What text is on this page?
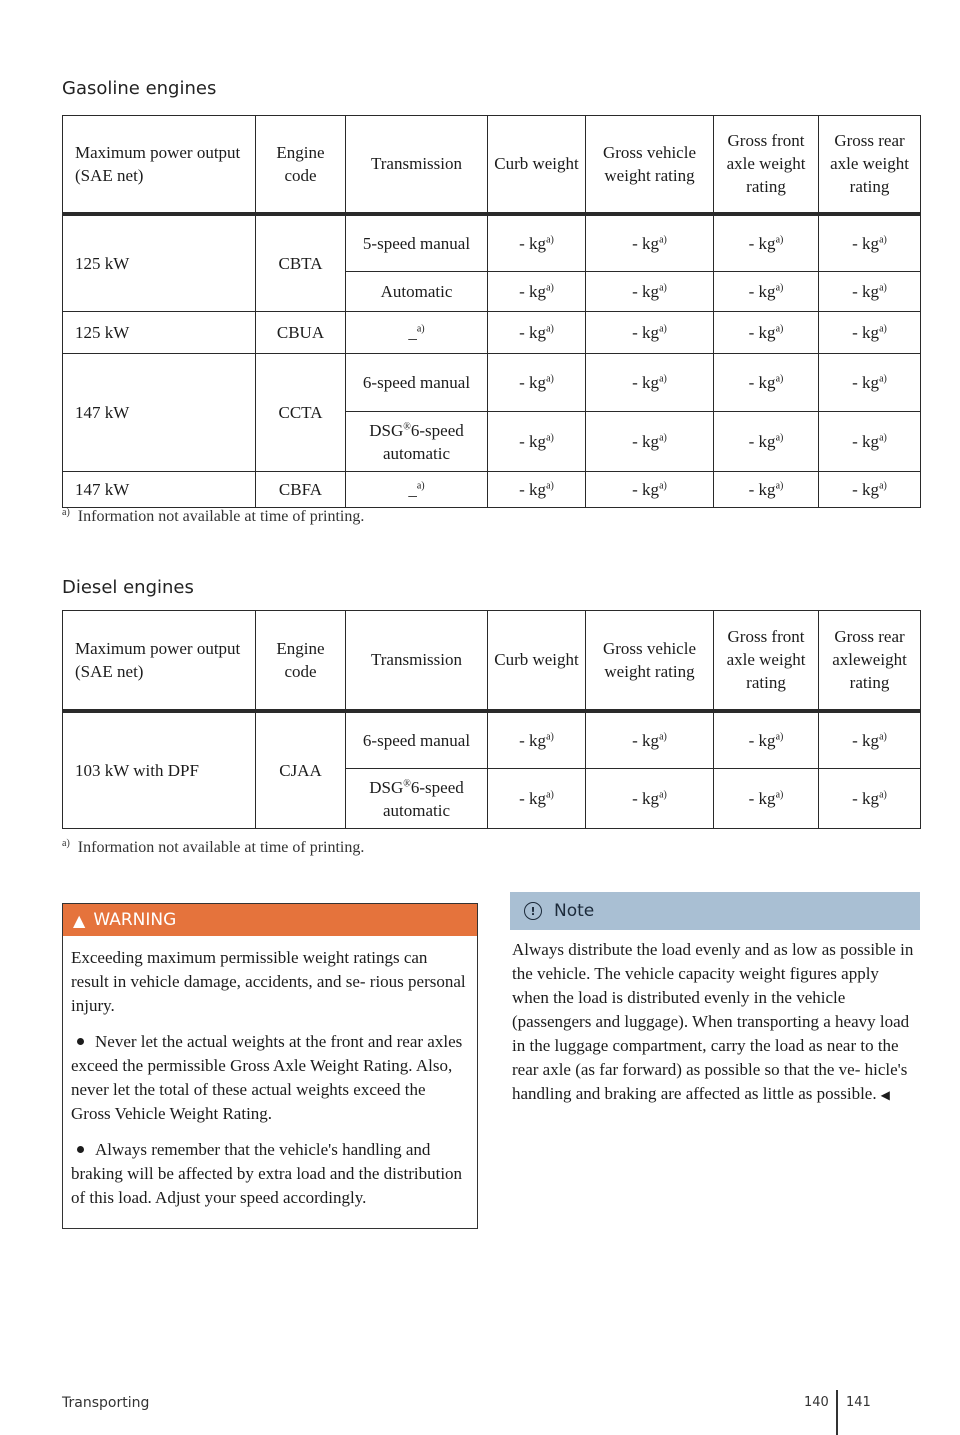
Gasoline engines
Maximum power output (SAE net)	Engine code	Transmission	Curb weight	Gross vehicle weight rating	Gross front axle weight rating	Gross rear axle weight rating
125 kW	CBTA	5-speed manual	- $kg^{a)}$	- $kg^{a)}$	- $kg^{a)}$	- $kg^{a)}$
		Automatic	- $kg^{a)}$	- $kg^{a)}$	- $kg^{a)}$	- $kg^{a)}$
125 kW	CBUA	_$^{a)}$	- $kg^{a)}$	- $kg^{a)}$	- $kg^{a)}$	- $kg^{a)}$
147 kW	CCTA	6-speed manual	- $kg^{a)}$	- $kg^{a)}$	- $kg^{a)}$	- $kg^{a)}$
		DSG®6-speed automatic	- $kg^{a)}$	- $kg^{a)}$	- $kg^{a)}$	- $kg^{a)}$
147 kW	CBFA	_$^{a)}$	- $kg^{a)}$	- $kg^{a)}$	- $kg^{a)}$	- $kg^{a)}$
$^{a)}$ Information not available at time of printing.
Diesel engines
Maximum power output (SAE net)	Engine code	Transmission	Curb weight	Gross vehicle weight rating	Gross front axle weight rating	Gross rear axleweight rating
103 kW with DPF	CJAA	6-speed manual	- $kg^{a)}$	- $kg^{a)}$	- $kg^{a)}$	- $kg^{a)}$
		DSG®6-speed automatic	- $kg^{a)}$	- $kg^{a)}$	- $kg^{a)}$	- $kg^{a)}$
$^{a)}$ Information not available at time of printing.
▲ WARNING

Exceeding maximum permissible weight ratings can result in vehicle damage, accidents, and se- rious personal injury.

Never let the actual weights at the front and rear axles exceed the permissible Gross Axle Weight Rating. Also, never let the total of these actual weights exceed the Gross Vehicle Weight Rating.

Always remember that the vehicle's handling and braking will be affected by extra load and the distribution of this load. Adjust your speed accordingly.

!	Note
Always distribute the load evenly and as low as possible in the vehicle. The vehicle capacity weight figures apply when the load is distributed evenly in the vehicle (passengers and luggage). When transporting a heavy load in the luggage compartment, carry the load as near to the rear axle (as far forward) as possible so that the ve- hicle's handling and braking are affected as little as possible. ◀
Transporting	140 141
